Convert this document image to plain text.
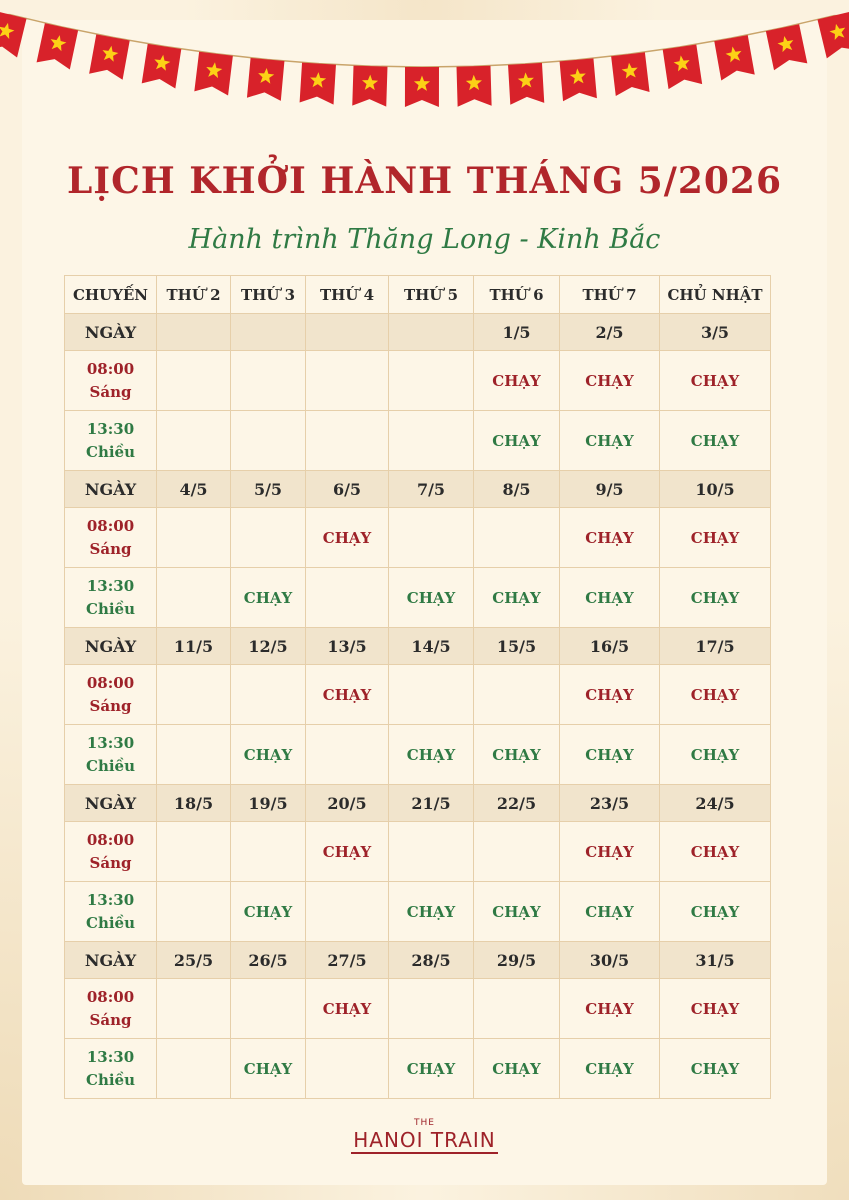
LỊCH KHỞI HÀNH THÁNG 5/2026
Hành trình Thăng Long - Kinh Bắc
CHUYẾN	THỨ 2	THỨ 3	THỨ 4	THỨ 5	THỨ 6	THỨ 7	CHỦ NHẬT
NGÀY					1/5	2/5	3/5

08:00
Sáng					CHẠY	CHẠY	CHẠY

13:30
Chiều					CHẠY	CHẠY	CHẠY
NGÀY	4/5	5/5	6/5	7/5	8/5	9/5	10/5

08:00
Sáng			CHẠY			CHẠY	CHẠY

13:30
Chiều		CHẠY		CHẠY	CHẠY	CHẠY	CHẠY
NGÀY	11/5	12/5	13/5	14/5	15/5	16/5	17/5

08:00
Sáng			CHẠY			CHẠY	CHẠY

13:30
Chiều		CHẠY		CHẠY	CHẠY	CHẠY	CHẠY
NGÀY	18/5	19/5	20/5	21/5	22/5	23/5	24/5

08:00
Sáng			CHẠY			CHẠY	CHẠY

13:30
Chiều		CHẠY		CHẠY	CHẠY	CHẠY	CHẠY
NGÀY	25/5	26/5	27/5	28/5	29/5	30/5	31/5

08:00
Sáng			CHẠY			CHẠY	CHẠY

13:30
Chiều		CHẠY		CHẠY	CHẠY	CHẠY	CHẠY
THE
HANOI TRAIN
